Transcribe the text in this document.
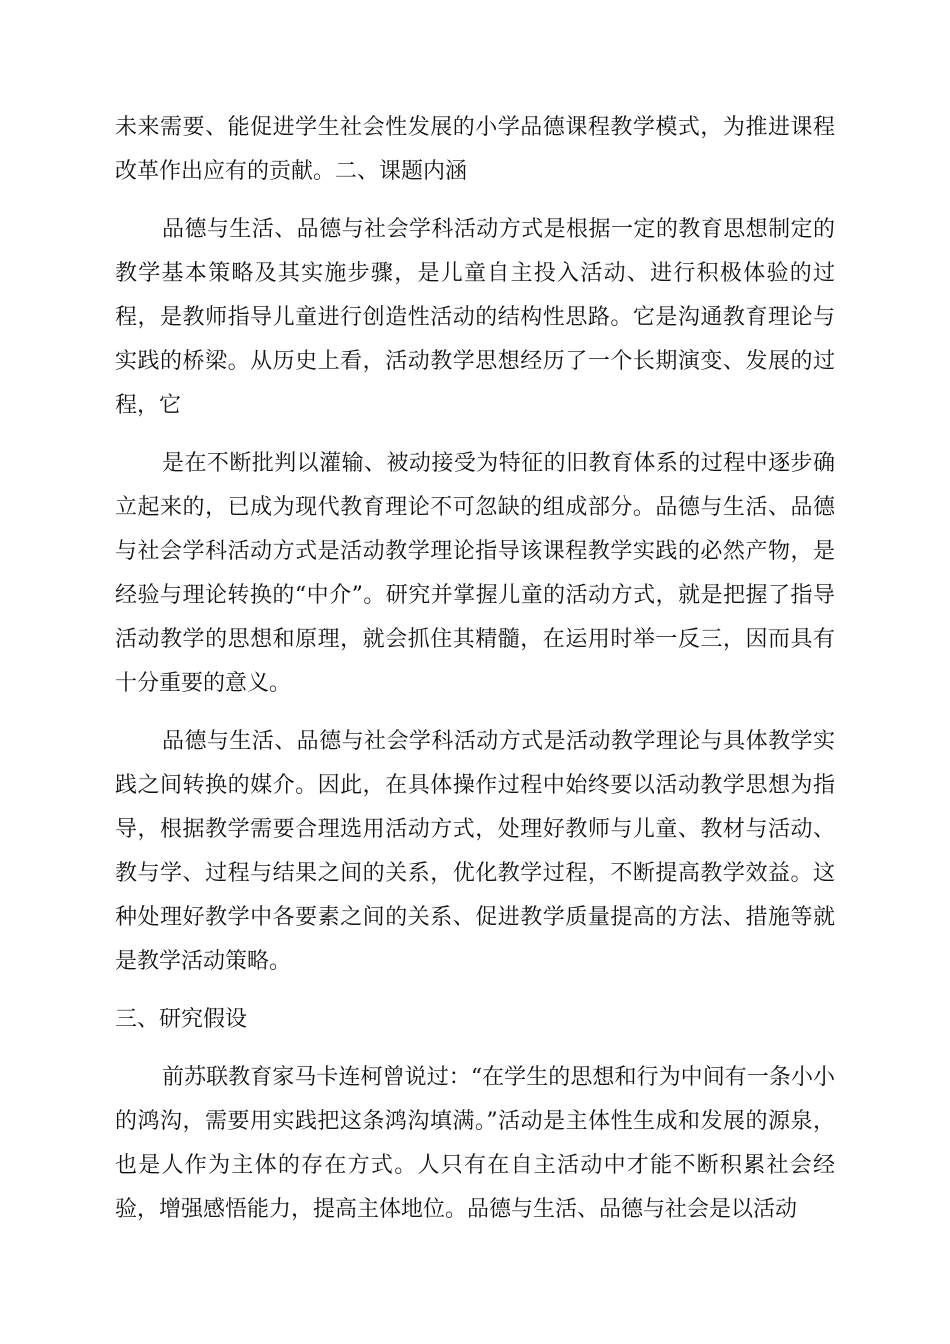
未来需要、能促进学生社会性发展的小学品德课程教学模式，为推进课程改革作出应有的贡献。二、课题内涵

品德与生活、品德与社会学科活动方式是根据一定的教育思想制定的教学基本策略及其实施步骤，是儿童自主投入活动、进行积极体验的过程，是教师指导儿童进行创造性活动的结构性思路。它是沟通教育理论与实践的桥梁。从历史上看，活动教学思想经历了一个长期演变、发展的过程，它

是在不断批判以灌输、被动接受为特征的旧教育体系的过程中逐步确立起来的，已成为现代教育理论不可忽缺的组成部分。品德与生活、品德与社会学科活动方式是活动教学理论指导该课程教学实践的必然产物，是经验与理论转换的“中介”。研究并掌握儿童的活动方式，就是把握了指导活动教学的思想和原理，就会抓住其精髓，在运用时举一反三，因而具有十分重要的意义。

品德与生活、品德与社会学科活动方式是活动教学理论与具体教学实践之间转换的媒介。因此，在具体操作过程中始终要以活动教学思想为指导，根据教学需要合理选用活动方式，处理好教师与儿童、教材与活动、教与学、过程与结果之间的关系，优化教学过程，不断提高教学效益。这种处理好教学中各要素之间的关系、促进教学质量提高的方法、措施等就是教学活动策略。

三、研究假设

前苏联教育家马卡连柯曾说过：“在学生的思想和行为中间有一条小小的鸿沟，需要用实践把这条鸿沟填满。”活动是主体性生成和发展的源泉，也是人作为主体的存在方式。人只有在自主活动中才能不断积累社会经验，增强感悟能力，提高主体地位。品德与生活、品德与社会是以活动
